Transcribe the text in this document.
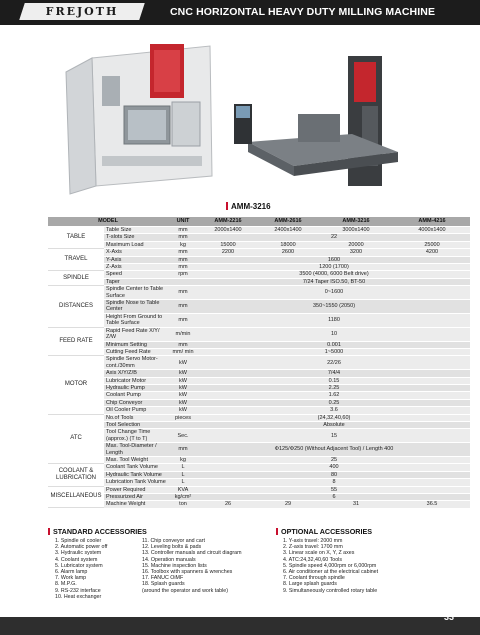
FREJOTH	CNC HORIZONTAL HEAVY DUTY MILLING MACHINE
AMM-3216
MODEL		UNIT	AMM-2216	AMM-2616	AMM-3216	AMM-4216
TABLE	Table Size	mm	2000x1400	2400x1400	3000x1400	4000x1400
	T-slots Size	mm	22			
	Maximum Load	kg	15000	18000	20000	25000
TRAVEL	X-Axis	mm	2200	2600	3200	4200
	Y-Axis	mm	1600			
	Z-Axis	mm	1200 (1700)			
SPINDLE	Speed	rpm	3500 (4000, 6000 Belt drive)			
	Taper		7/24 Taper ISO.50, BT-50			
DISTANCES	Spindle Center to Table Surface	mm	0~1600			
	Spindle Nose to Table Center	mm	350~1550 (2050)			
	Height From Ground to Table Surface	mm	1180			
FEED RATE	Rapid Feed Rate X/Y/ Z/W	m/min	10			
	Minimum Setting	mm	0.001			
	Cutting Feed Rate	mm/ min	1~5000			
MOTOR	Spindle Servo Motor- cont./30mm	kW	22/26			
	Axis X/Y/Z/B	kW	7/4/4			
	Lubricator Motor	kW	0.15			
	Hydraulic Pump	kW	2.25			
	Coolant Pump	kW	1.62			
	Chip Conveyor	kW	0.25			
	Oil Cooler Pump	kW	3.6			
ATC	No.of Tools	pieces	(24,32,40,60)			
	Tool Selection		Absolute			
	Tool Change Time (approx.) (T to T)	Sec.	15			
	Max. Tool-Diameter / Length	mm	Φ125/Φ250 (Without Adjacent Tool) / Length 400			
	Max. Tool Weight	kg	25			
COOLANT & LUBRICATION	Coolant Tank Volume	L	400			
	Hydraulic Tank Volume	L	80			
	Lubrication Tank Volume	L	8			
MISCELLANEOUS	Power Required	KVA	55			
	Pressurized Air	kg/cm²	6			
	Machine Weight	ton	26	29	31	36.5
STANDARD ACCESSORIES
1. Spindle oil cooler
2. Automatic power off
3. Hydraulic system
4. Coolant system
5. Lubricator system
6. Alarm lamp
7. Work lamp
8. M.P.G.
9. RS-232 interface
10. Heat exchanger
11. Chip conveyor and cart
12. Leveling bolts & pads
13. Controller manuals and circuit diagram
14. Operation manuals
15. Machine inspection lists
16. Toolbox with spanners & wrenches
17. FANUC OiMF
18. Splash guards
(around the operator and work table)
OPTIONAL ACCESSORIES
1. Y-axis travel: 2000 mm
2. Z-axis travel: 1700 mm
3. Linear scale on X, Y, Z axes
4. ATC:24,32,40,60 Tools
5. Spindle speed 4,000rpm or 6,000rpm
6. Air conditioner at the electrical cabinet
7. Coolant through spindle
8. Large splash guards
9. Simultaneously controlled rotary table
33
